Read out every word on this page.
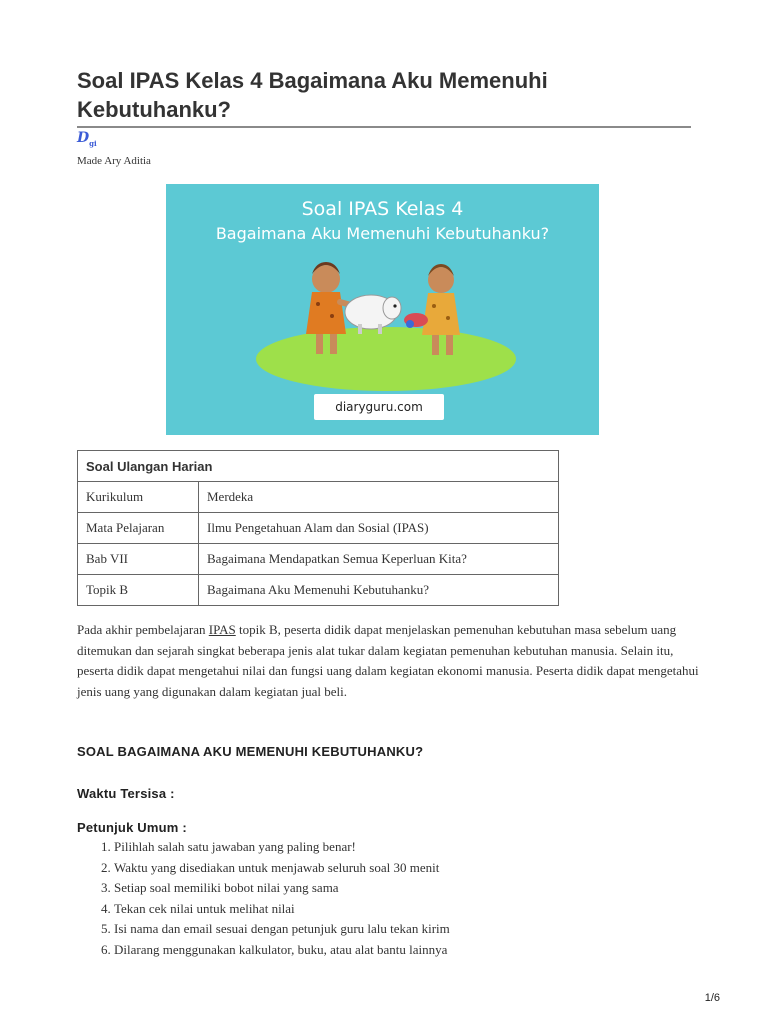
Soal IPAS Kelas 4 Bagaimana Aku Memenuhi Kebutuhanku?
$D_{gi}$
Made Ary Aditia
Soal IPAS Kelas 4
Bagaimana Aku Memenuhi Kebutuhanku?
diaryguru.com
Soal Ulangan Harian	
Kurikulum	Merdeka
Mata Pelajaran	Ilmu Pengetahuan Alam dan Sosial (IPAS)
Bab VII	Bagaimana Mendapatkan Semua Keperluan Kita?
Topik B	Bagaimana Aku Memenuhi Kebutuhanku?
Pada akhir pembelajaran IPAS topik B, peserta didik dapat menjelaskan pemenuhan kebutuhan masa sebelum uang ditemukan dan sejarah singkat beberapa jenis alat tukar dalam kegiatan pemenuhan kebutuhan manusia. Selain itu, peserta didik dapat mengetahui nilai dan fungsi uang dalam kegiatan ekonomi manusia. Peserta didik dapat mengetahui jenis uang yang digunakan dalam kegiatan jual beli.
SOAL BAGAIMANA AKU MEMENUHI KEBUTUHANKU?
Waktu Tersisa :
Petunjuk Umum :
1. Pilihlah salah satu jawaban yang paling benar!
2. Waktu yang disediakan untuk menjawab seluruh soal 30 menit
3. Setiap soal memiliki bobot nilai yang sama
4. Tekan cek nilai untuk melihat nilai
5. Isi nama dan email sesuai dengan petunjuk guru lalu tekan kirim
6. Dilarang menggunakan kalkulator, buku, atau alat bantu lainnya
1/6
